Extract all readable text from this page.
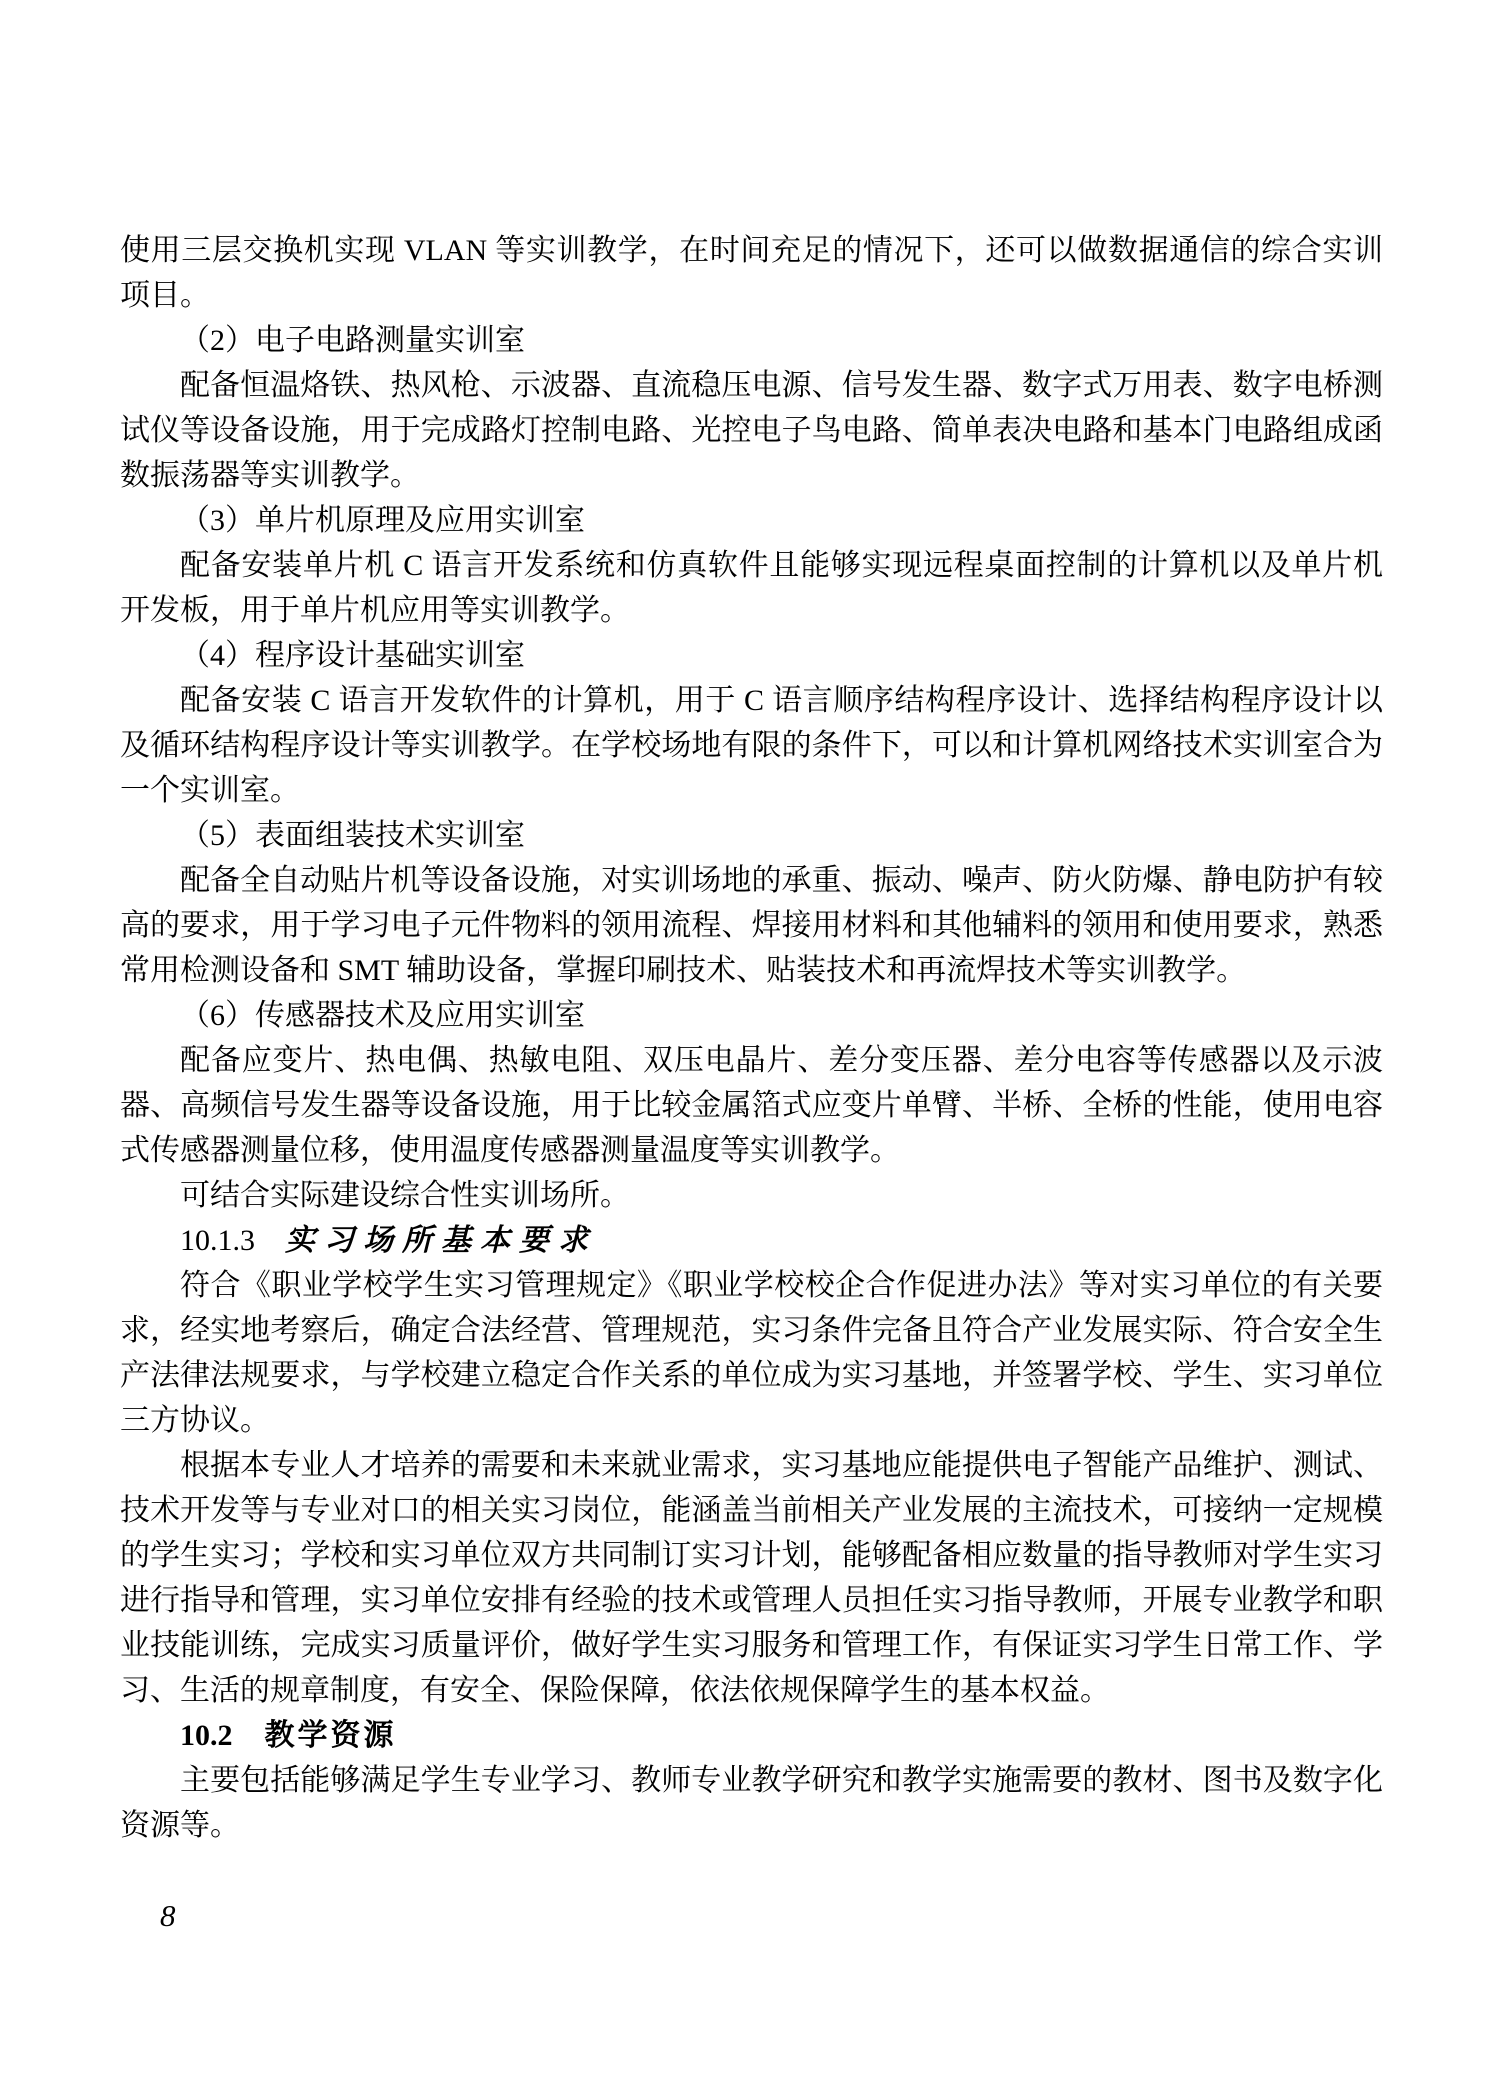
使用三层交换机实现 VLAN 等实训教学，在时间充足的情况下，还可以做数据通信的综合实训项目。

（2）电子电路测量实训室

配备恒温烙铁、热风枪、示波器、直流稳压电源、信号发生器、数字式万用表、数字电桥测试仪等设备设施，用于完成路灯控制电路、光控电子鸟电路、简单表决电路和基本门电路组成函数振荡器等实训教学。

（3）单片机原理及应用实训室

配备安装单片机 C 语言开发系统和仿真软件且能够实现远程桌面控制的计算机以及单片机开发板，用于单片机应用等实训教学。

（4）程序设计基础实训室

配备安装 C 语言开发软件的计算机，用于 C 语言顺序结构程序设计、选择结构程序设计以及循环结构程序设计等实训教学。在学校场地有限的条件下，可以和计算机网络技术实训室合为一个实训室。

（5）表面组装技术实训室

配备全自动贴片机等设备设施，对实训场地的承重、振动、噪声、防火防爆、静电防护有较高的要求，用于学习电子元件物料的领用流程、焊接用材料和其他辅料的领用和使用要求，熟悉常用检测设备和 SMT 辅助设备，掌握印刷技术、贴装技术和再流焊技术等实训教学。

（6）传感器技术及应用实训室

配备应变片、热电偶、热敏电阻、双压电晶片、差分变压器、差分电容等传感器以及示波器、高频信号发生器等设备设施，用于比较金属箔式应变片单臂、半桥、全桥的性能，使用电容式传感器测量位移，使用温度传感器测量温度等实训教学。

可结合实际建设综合性实训场所。

10.1.3 实习场所基本要求

符合《职业学校学生实习管理规定》《职业学校校企合作促进办法》等对实习单位的有关要求，经实地考察后，确定合法经营、管理规范，实习条件完备且符合产业发展实际、符合安全生产法律法规要求，与学校建立稳定合作关系的单位成为实习基地，并签署学校、学生、实习单位三方协议。

根据本专业人才培养的需要和未来就业需求，实习基地应能提供电子智能产品维护、测试、技术开发等与专业对口的相关实习岗位，能涵盖当前相关产业发展的主流技术，可接纳一定规模的学生实习；学校和实习单位双方共同制订实习计划，能够配备相应数量的指导教师对学生实习进行指导和管理，实习单位安排有经验的技术或管理人员担任实习指导教师，开展专业教学和职业技能训练，完成实习质量评价，做好学生实习服务和管理工作，有保证实习学生日常工作、学习、生活的规章制度，有安全、保险保障，依法依规保障学生的基本权益。

10.2 教学资源

主要包括能够满足学生专业学习、教师专业教学研究和教学实施需要的教材、图书及数字化资源等。

8
